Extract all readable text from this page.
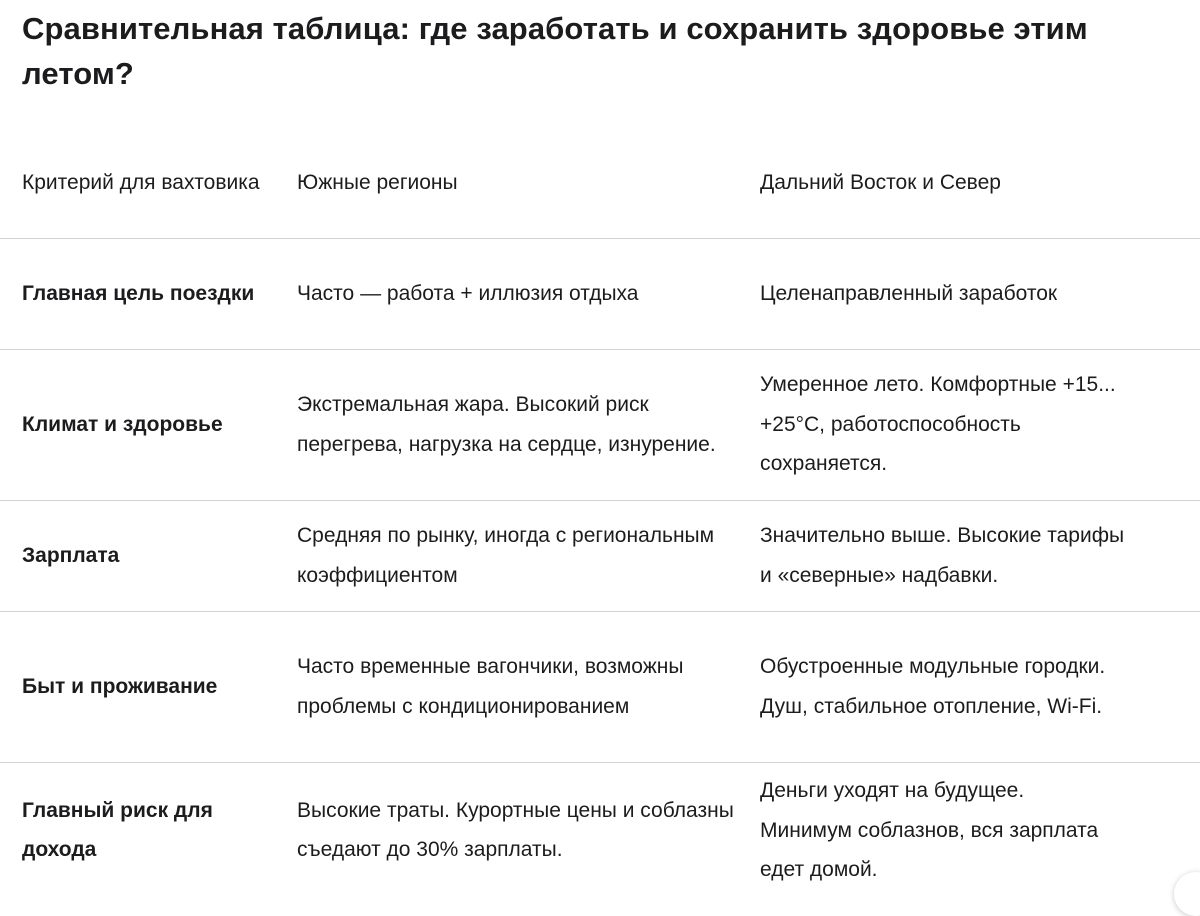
Сравнительная таблица: где заработать и сохранить здоровье этим летом?
Критерий для вахтовика	Южные регионы	Дальний Восток и Север

Главная цель поездки	Часто — работа + иллюзия отдыха	Целенаправленный заработок

Климат и здоровье	Экстремальная жара. Высокий риск перегрева, нагрузка на сердце, изнурение.	Умеренное лето. Комфортные +15...
+25°C, работоспособность
сохраняется.

Зарплата	Средняя по рынку, иногда с региональным коэффициентом	Значительно выше. Высокие тарифы
и «северные» надбавки.

Быт и проживание	Часто временные вагончики, возможны проблемы с кондиционированием	Обустроенные модульные городки.
Душ, стабильное отопление, Wi-Fi.

Главный риск для дохода	Высокие траты. Курортные цены и соблазны съедают до 30% зарплаты.	Деньги уходят на будущее.
Минимум соблазнов, вся зарплата
едет домой.
